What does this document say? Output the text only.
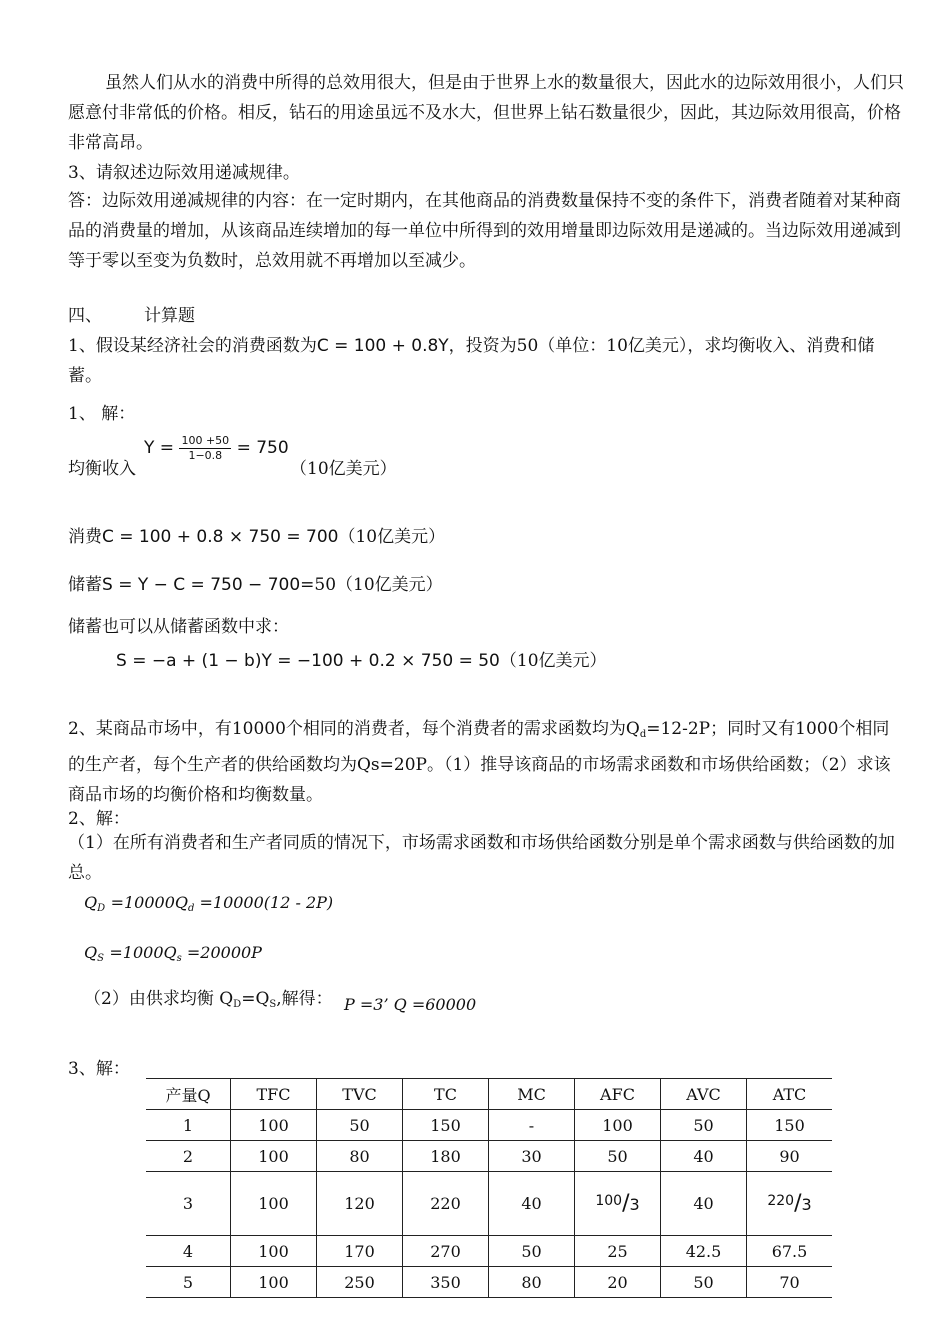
虽然人们从水的消费中所得的总效用很大，但是由于世界上水的数量很大，因此水的边际效用很小，人们只愿意付非常低的价格。相反，钻石的用途虽远不及水大，但世界上钻石数量很少，因此，其边际效用很高，价格非常高昂。
3、请叙述边际效用递减规律。
答：边际效用递减规律的内容：在一定时期内，在其他商品的消费数量保持不变的条件下，消费者随着对某种商品的消费量的增加，从该商品连续增加的每一单位中所得到的效用增量即边际效用是递减的。当边际效用递减到等于零以至变为负数时，总效用就不再增加以至减少。
四、 计算题
1、假设某经济社会的消费函数为C = 100 + 0.8Y，投资为50（单位：10亿美元），求均衡收入、消费和储蓄。
1、 解：
$Y = \frac{100 +50}{1-0.8} = 750$
均衡收入	（10亿美元）
消费C = 100 + 0.8 × 750 = 700（10亿美元）
储蓄S = Y − C = 750 − 700=50（10亿美元）
储蓄也可以从储蓄函数中求：
S = −a + (1 − b)Y = −100 + 0.2 × 750 = 50（10亿美元）
2、某商品市场中，有10000个相同的消费者，每个消费者的需求函数均为$Q_d=12-2P$；同时又有1000个相同的生产者，每个生产者的供给函数均为Qs=20P。（1）推导该商品的市场需求函数和市场供给函数；（2）求该商品市场的均衡价格和均衡数量。
2、解：
（1）在所有消费者和生产者同质的情况下，市场需求函数和市场供给函数分别是单个需求函数与供给函数的加总。
$Q_D =10000Q_d =10000(12 - 2P)$
$Q_S =1000Q_s =20000P$
（2）由供求均衡 $Q_D=Q_S$,解得： P =3’ Q =60000
3、解：
产量Q	TFC	TVC	TC	MC	AFC	AVC	ATC
1	100	50	150	-	100	50	150
2	100	80	180	30	50	40	90
3	100	120	220	40	$^{100}$/3	40	$^{220}$/3
4	100	170	270	50	25	42.5	67.5
5	100	250	350	80	20	50	70
